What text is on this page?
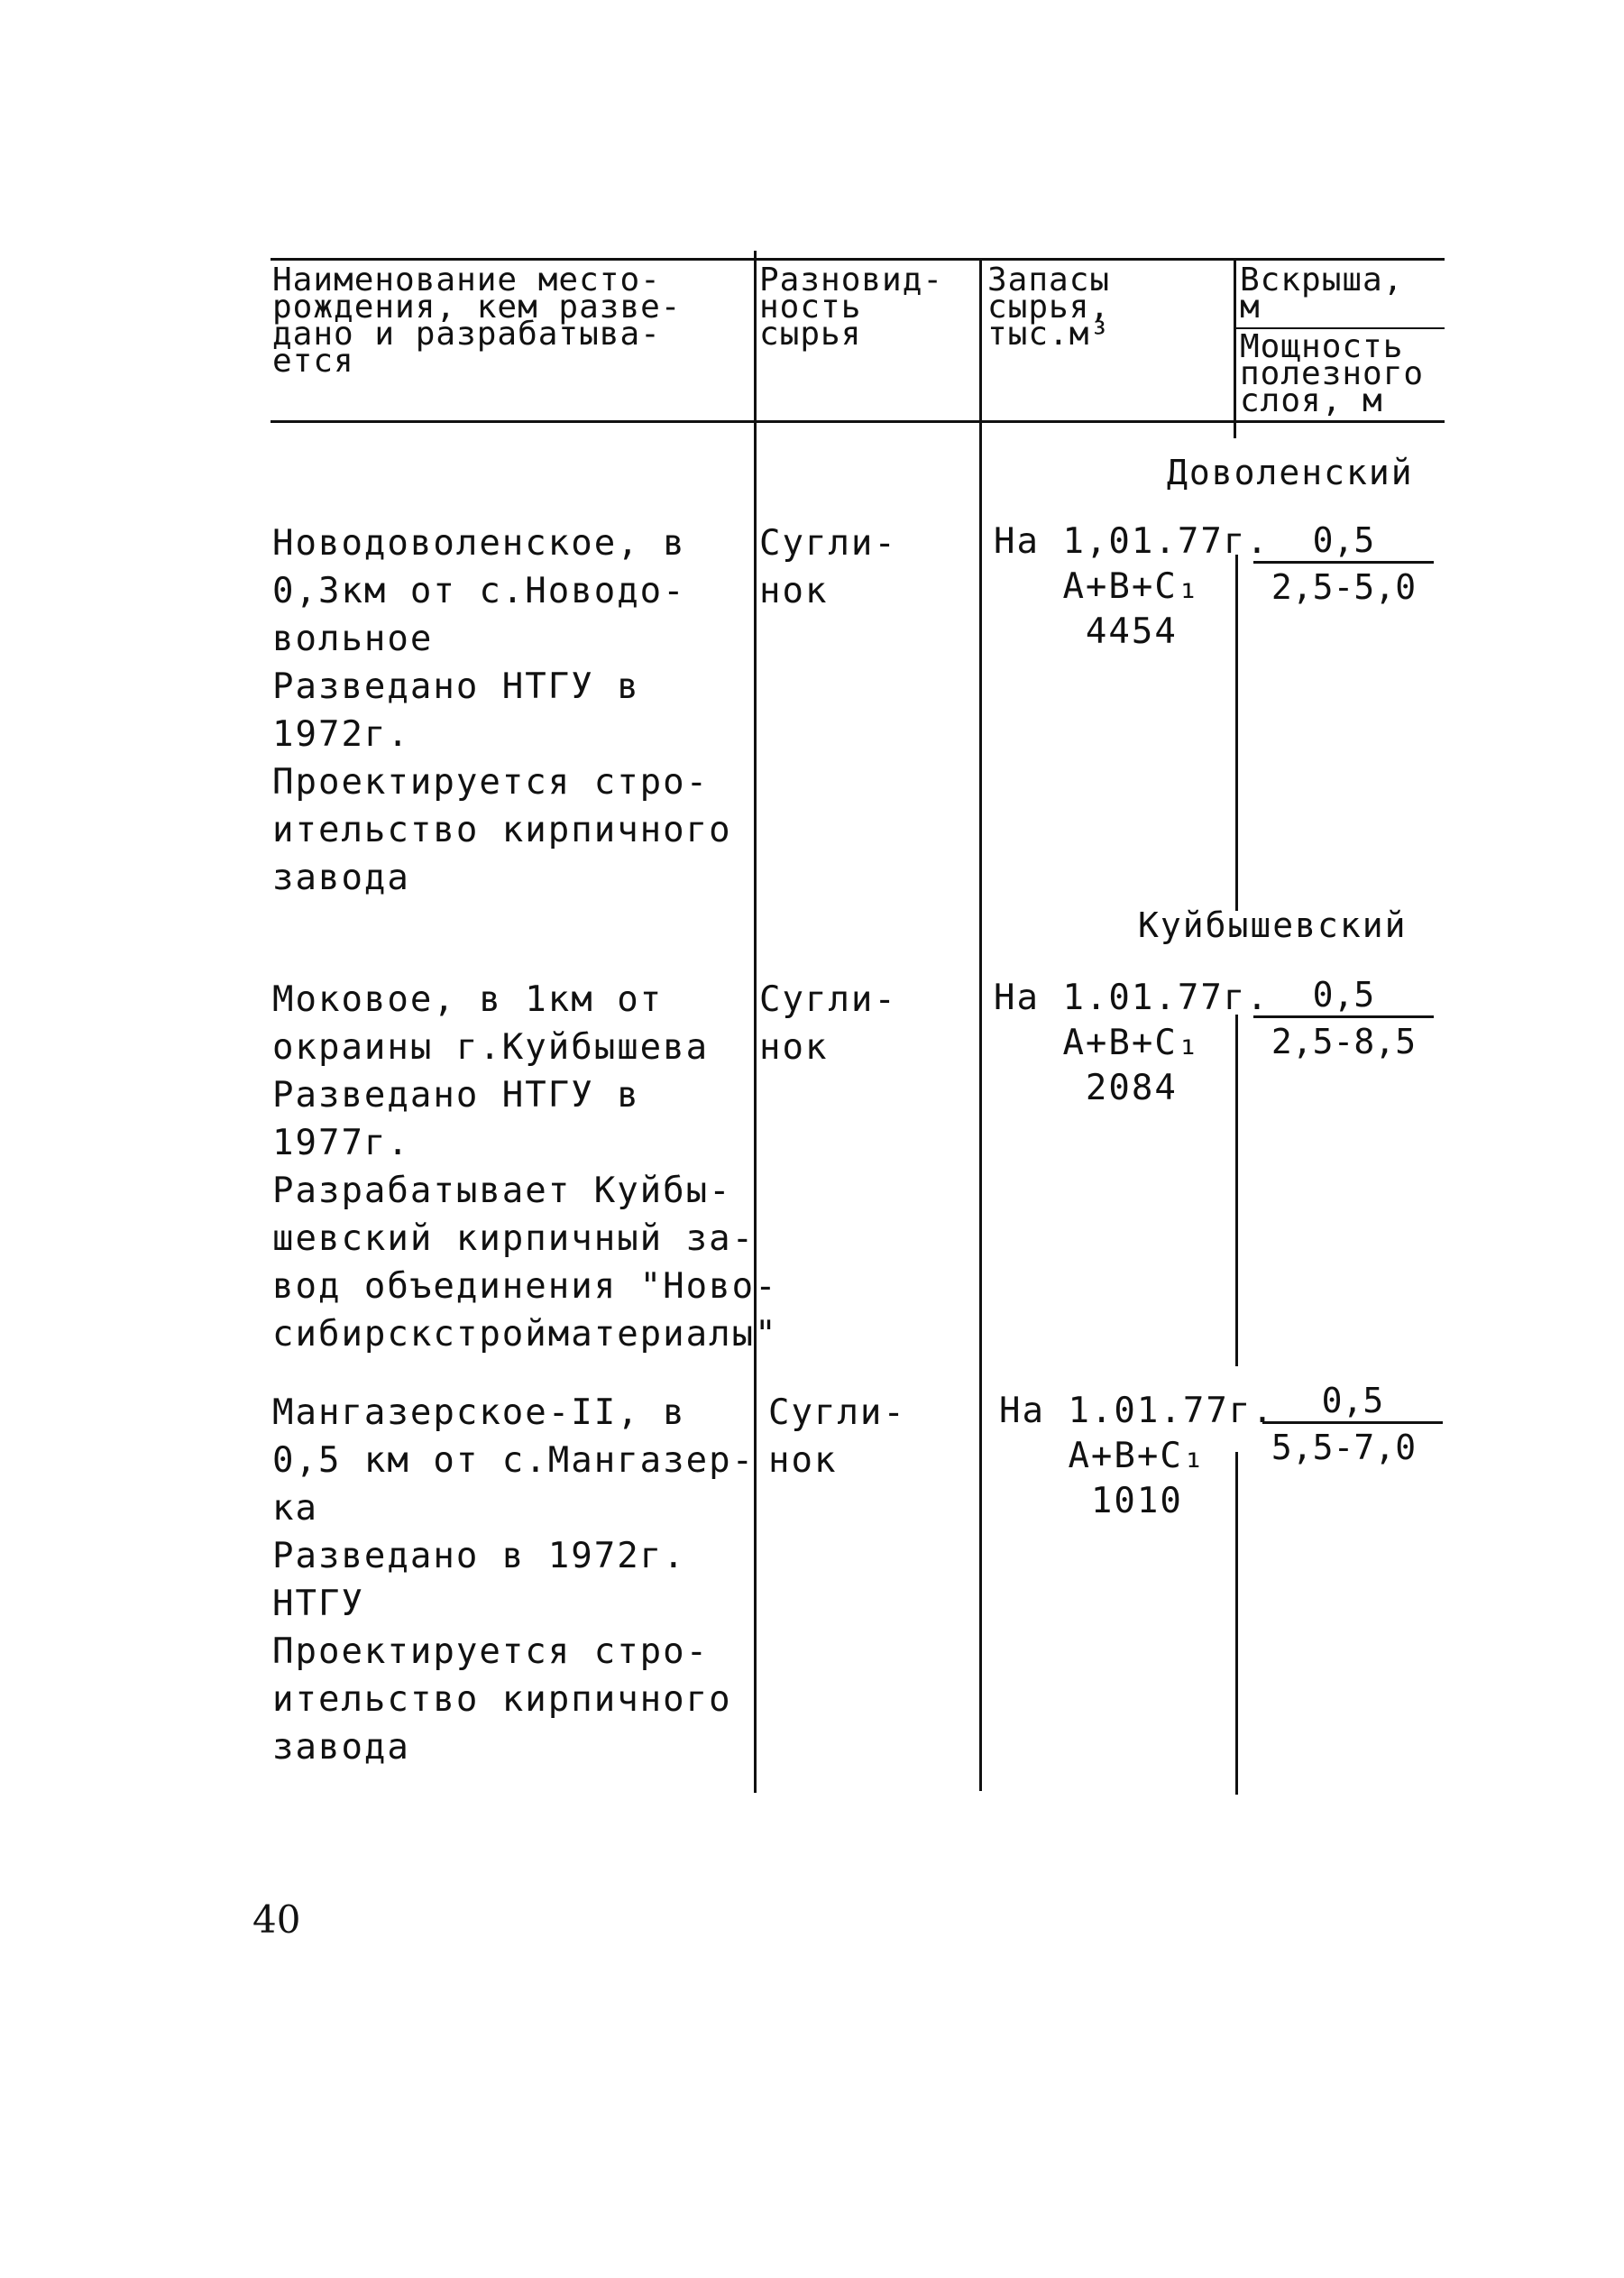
Наименование место-
рождения, кем разве-
дано и разрабатыва-
ется
Разновид-
ность
сырья
Запасы
сырья,
тыс.м³
Вскрыша,
м
Мощность
полезного
слоя, м
Доволенский
Новодоволенское, в
0,3км от с.Новодо-
вольное
Разведано НТГУ в
1972г.
Проектируется стро-
ительство кирпичного
завода
Сугли-
нок
На 1,01.77г.
A+B+C₁
4454
0,5
2,5-5,0
Куйбышевский
Моковое, в 1км от
окраины г.Куйбышева
Разведано НТГУ в
1977г.
Разрабатывает Куйбы-
шевский кирпичный за-
вод объединения "Ново-
сибирскстройматериалы"
Сугли-
нок
На 1.01.77г.
A+B+C₁
2084
0,5
2,5-8,5
Мангазерское-II, в
0,5 км от с.Мангазер-
ка
Разведано в 1972г.
НТГУ
Проектируется стро-
ительство кирпичного
завода
Сугли-
нок
На 1.01.77г.
A+B+C₁
1010
0,5
5,5-7,0
40
